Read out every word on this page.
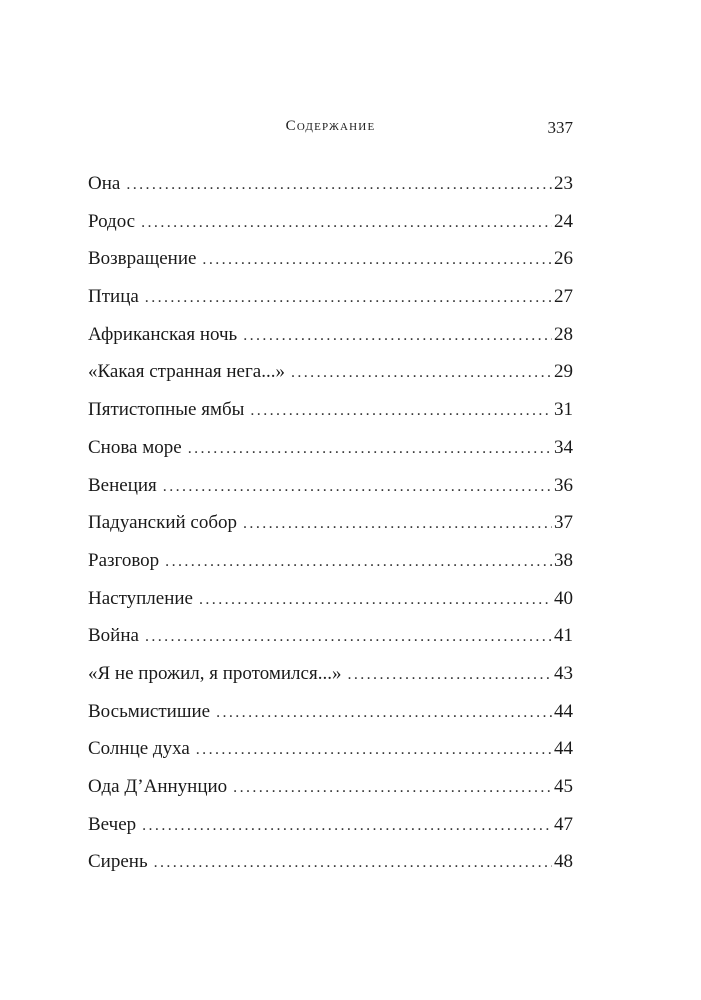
Содержание	337
Она . . .	23
Родос . . .	24
Возвращение . . .	26
Птица . . .	27
Африканская ночь . . .	28
«Какая странная нега...» . . .	29
Пятистопные ямбы . . .	31
Снова море . . .	34
Венеция . . .	36
Падуанский собор . . .	37
Разговор . . .	38
Наступление . . .	40
Война . . .	41
«Я не прожил, я протомился...» . . .	43
Восьмистишие . . .	44
Солнце духа . . .	44
Ода Д’Аннунцио . . .	45
Вечер . . .	47
Сирень . . .	48
